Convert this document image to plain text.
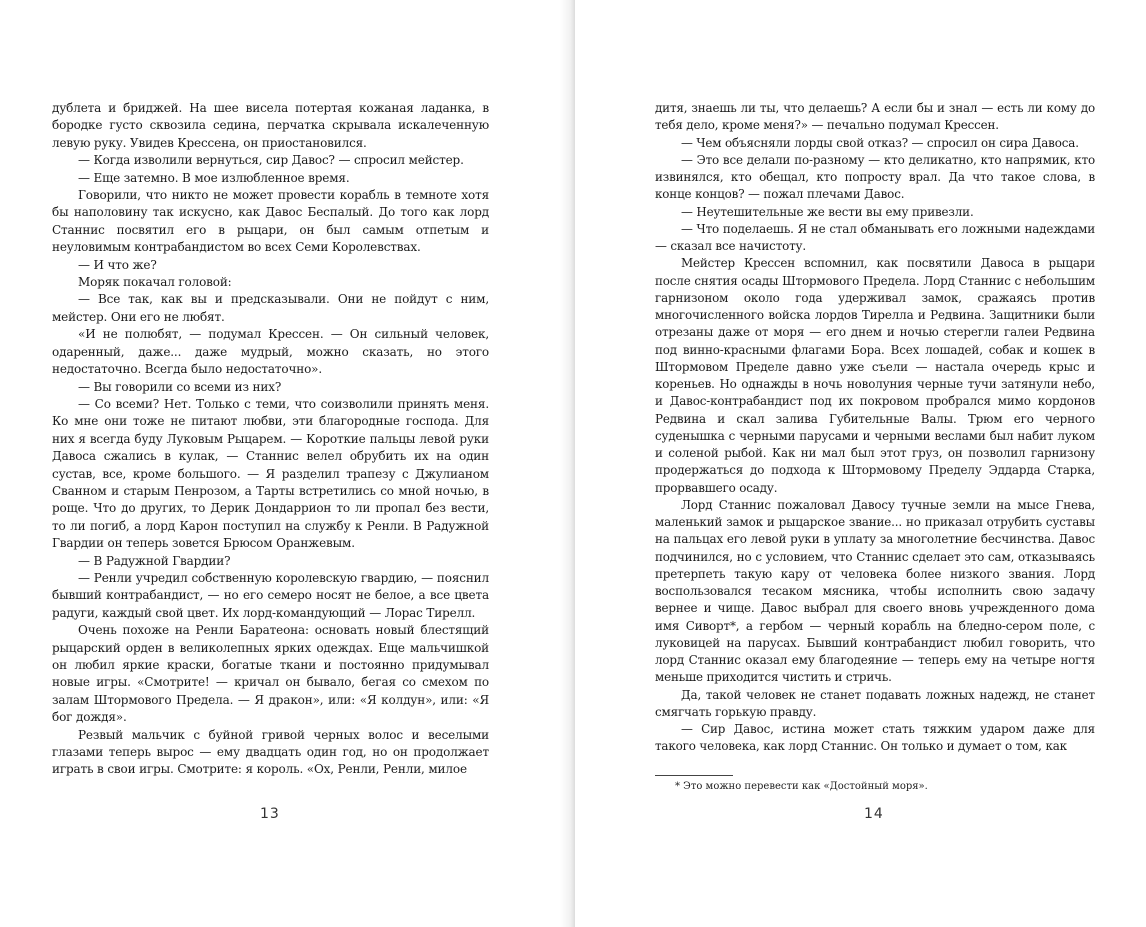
дублета и бриджей. На шее висела потертая кожаная ладанка, в бородке густо сквозила седина, перчатка скрывала искалеченную левую руку. Увидев Крессена, он приостановился.

— Когда изволили вернуться, сир Давос? — спросил мейстер.

— Еще затемно. В мое излюбленное время.

Говорили, что никто не может провести корабль в темноте хотя бы наполовину так искусно, как Давос Беспалый. До того как лорд Станнис посвятил его в рыцари, он был самым отпетым и неуловимым контрабандистом во всех Семи Королевствах.

— И что же?

Моряк покачал головой:

— Все так, как вы и предсказывали. Они не пойдут с ним, мейстер. Они его не любят.

«И не полюбят, — подумал Крессен. — Он сильный человек, одаренный, даже... даже мудрый, можно сказать, но этого недостаточно. Всегда было недостаточно».

— Вы говорили со всеми из них?

— Со всеми? Нет. Только с теми, что соизволили принять меня. Ко мне они тоже не питают любви, эти благородные господа. Для них я всегда буду Луковым Рыцарем. — Короткие пальцы левой руки Давоса сжались в кулак, — Станнис велел обрубить их на один сустав, все, кроме большого. — Я разделил трапезу с Джулианом Сванном и старым Пенрозом, а Тарты встретились со мной ночью, в роще. Что до других, то Дерик Дондаррион то ли пропал без вести, то ли погиб, а лорд Карон поступил на службу к Ренли. В Радужной Гвардии он теперь зовется Брюсом Оранжевым.

— В Радужной Гвардии?

— Ренли учредил собственную королевскую гвардию, — пояснил бывший контрабандист, — но его семеро носят не белое, а все цвета радуги, каждый свой цвет. Их лорд-командующий — Лорас Тирелл.

Очень похоже на Ренли Баратеона: основать новый блестящий рыцарский орден в великолепных ярких одеждах. Еще мальчишкой он любил яркие краски, богатые ткани и постоянно придумывал новые игры. «Смотрите! — кричал он бывало, бегая со смехом по залам Штормового Предела. — Я дракон», или: «Я колдун», или: «Я бог дождя».

Резвый мальчик с буйной гривой черных волос и веселыми глазами теперь вырос — ему двадцать один год, но он продолжает играть в свои игры. Смотрите: я король. «Ох, Ренли, Ренли, милое

13

дитя, знаешь ли ты, что делаешь? А если бы и знал — есть ли кому до тебя дело, кроме меня?» — печально подумал Крессен.

— Чем объясняли лорды свой отказ? — спросил он сира Давоса.

— Это все делали по-разному — кто деликатно, кто напрямик, кто извинялся, кто обещал, кто попросту врал. Да что такое слова, в конце концов? — пожал плечами Давос.

— Неутешительные же вести вы ему привезли.

— Что поделаешь. Я не стал обманывать его ложными надеждами — сказал все начистоту.

Мейстер Крессен вспомнил, как посвятили Давоса в рыцари после снятия осады Штормового Предела. Лорд Станнис с небольшим гарнизоном около года удерживал замок, сражаясь против многочисленного войска лордов Тирелла и Редвина. Защитники были отрезаны даже от моря — его днем и ночью стерегли галеи Редвина под винно-красными флагами Бора. Всех лошадей, собак и кошек в Штормовом Пределе давно уже съели — настала очередь крыс и кореньев. Но однажды в ночь новолуния черные тучи затянули небо, и Давос-контрабандист под их покровом пробрался мимо кордонов Редвина и скал залива Губительные Валы. Трюм его черного суденышка с черными парусами и черными веслами был набит луком и соленой рыбой. Как ни мал был этот груз, он позволил гарнизону продержаться до подхода к Штормовому Пределу Эддарда Старка, прорвавшего осаду.

Лорд Станнис пожаловал Давосу тучные земли на мысе Гнева, маленький замок и рыцарское звание... но приказал отрубить суставы на пальцах его левой руки в уплату за многолетние бесчинства. Давос подчинился, но с условием, что Станнис сделает это сам, отказываясь претерпеть такую кару от человека более низкого звания. Лорд воспользовался тесаком мясника, чтобы исполнить свою задачу вернее и чище. Давос выбрал для своего вновь учрежденного дома имя Сиворт*, а гербом — черный корабль на бледно-сером поле, с луковицей на парусах. Бывший контрабандист любил говорить, что лорд Станнис оказал ему благодеяние — теперь ему на четыре ногтя меньше приходится чистить и стричь.

Да, такой человек не станет подавать ложных надежд, не станет смягчать горькую правду.

— Сир Давос, истина может стать тяжким ударом даже для такого человека, как лорд Станнис. Он только и думает о том, как

* Это можно перевести как «Достойный моря».
14
